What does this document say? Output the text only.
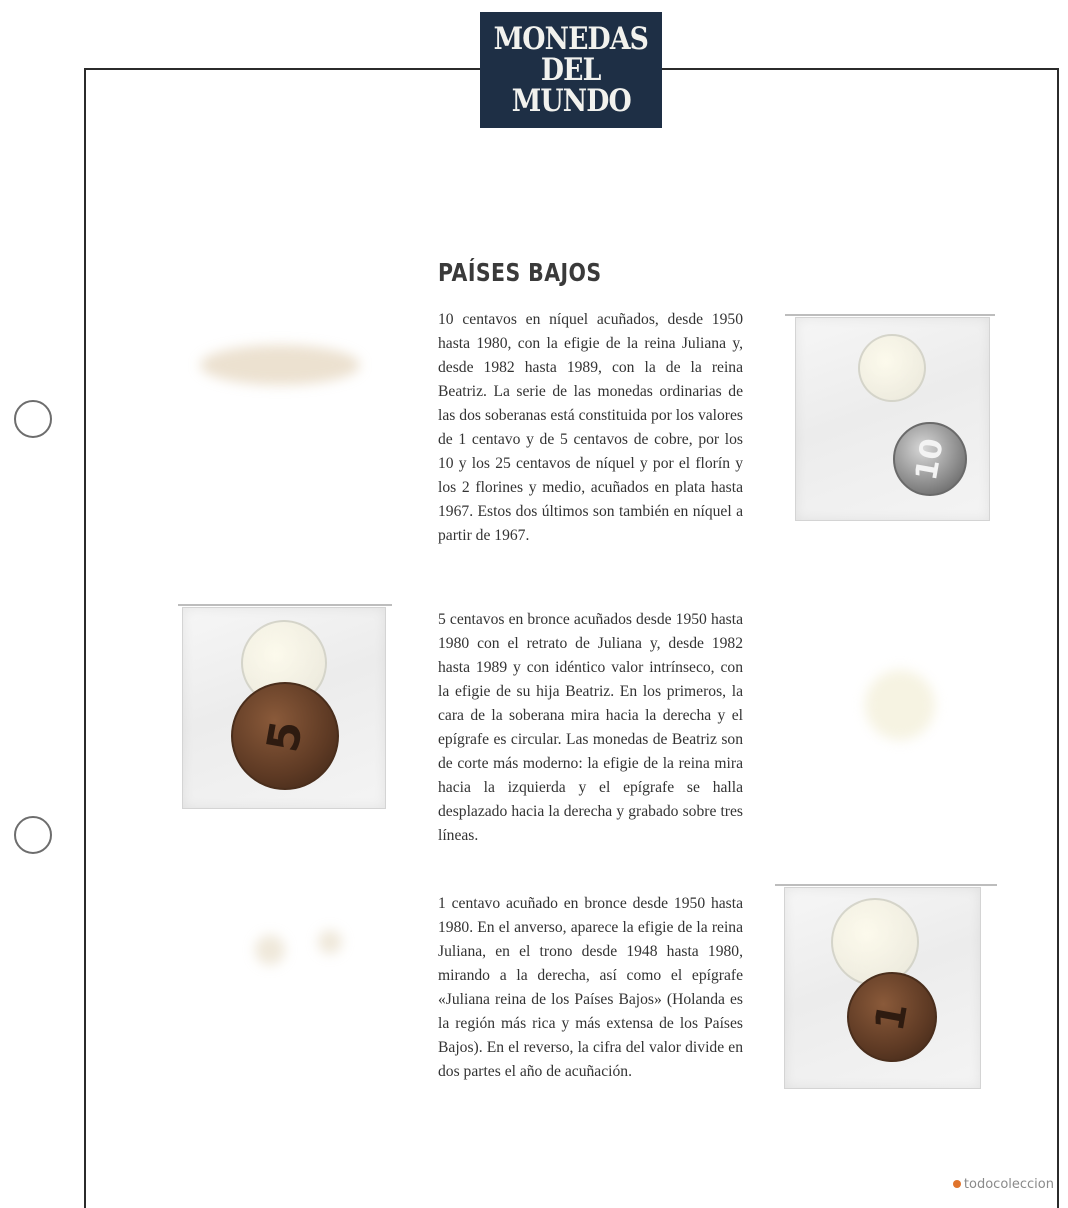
MONEDAS
DEL
MUNDO
PAÍSES BAJOS

10 centavos en níquel acuñados, desde 1950 hasta 1980, con la efigie de la reina Juliana y, desde 1982 hasta 1989, con la de la reina Beatriz. La serie de las monedas ordinarias de las dos soberanas está constituida por los valores de 1 centavo y de 5 centavos de cobre, por los 10 y los 25 centavos de níquel y por el florín y los 2 florines y medio, acuñados en plata hasta 1967. Estos dos últimos son también en níquel a partir de 1967.

5 centavos en bronce acuñados desde 1950 hasta 1980 con el retrato de Juliana y, desde 1982 hasta 1989 y con idéntico valor intrínseco, con la efigie de su hija Beatriz. En los primeros, la cara de la soberana mira hacia la derecha y el epígrafe es circular. Las monedas de Beatriz son de corte más moderno: la efigie de la reina mira hacia la izquierda y el epígrafe se halla desplazado hacia la derecha y grabado sobre tres líneas.

1 centavo acuñado en bronce desde 1950 hasta 1980. En el anverso, aparece la efigie de la reina Juliana, en el trono desde 1948 hasta 1980, mirando a la derecha, así como el epígrafe «Juliana reina de los Países Bajos» (Holanda es la región más rica y más extensa de los Países Bajos). En el reverso, la cifra del valor divide en dos partes el año de acuñación.

10
5
1
todocoleccion
